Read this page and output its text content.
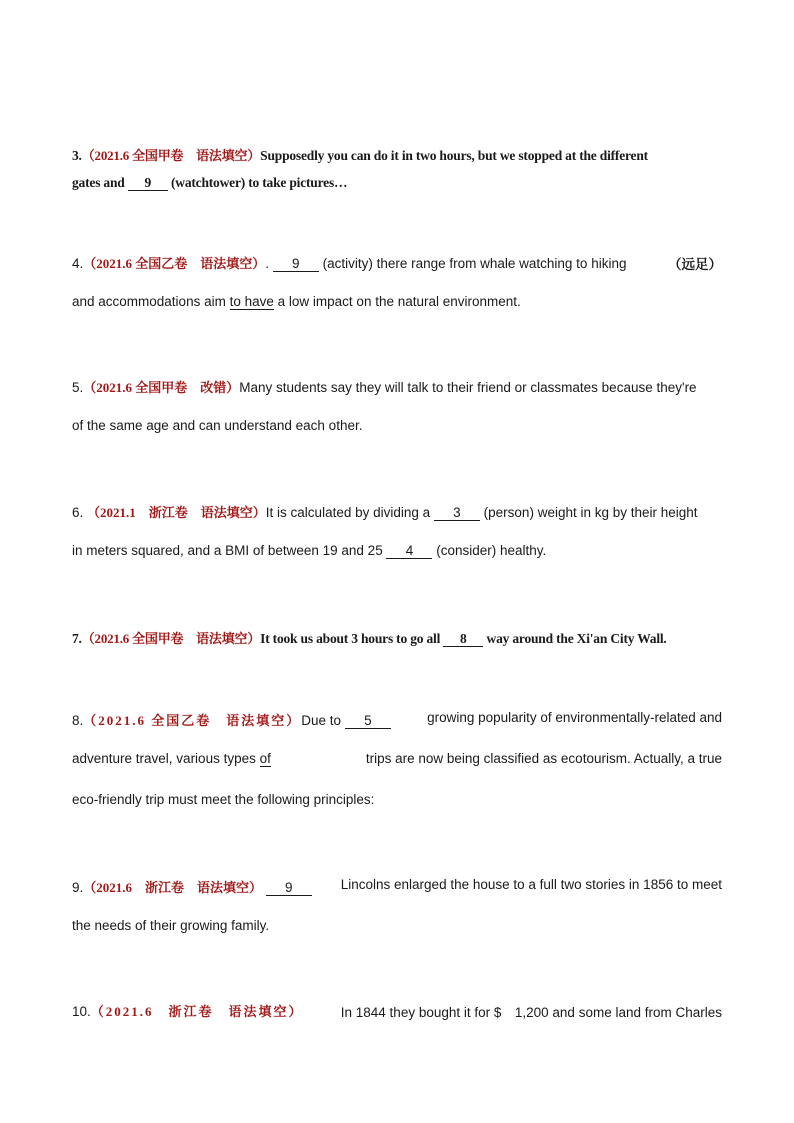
3.（2021.6 全国甲卷　语法填空）Supposedly you can do it in two hours, but we stopped at the different
gates and 9 (watchtower) to take pictures…
4.（2021.6 全国乙卷　语法填空）. 9 (activity) there range from whale watching to hiking	（远足）
and accommodations aim to have a low impact on the natural environment.
5.（2021.6 全国甲卷　改错）Many students say they will talk to their friend or classmates because they're
of the same age and can understand each other.
6. （2021.1　浙江卷　语法填空）It is calculated by dividing a 3 (person) weight in kg by their height
in meters squared, and a BMI of between 19 and 25 4 (consider) healthy.
7.（2021.6 全国甲卷　语法填空）It took us about 3 hours to go all 8 way around the Xi'an City Wall.
8.（2021.6 全国乙卷　语法填空）Due to 5	growing popularity of environmentally-related and
adventure travel, various types of	trips are now being classified as ecotourism. Actually, a true
eco-friendly trip must meet the following principles:
9.（2021.6　浙江卷　语法填空） 9	Lincolns enlarged the house to a full two stories in 1856 to meet
the needs of their growing family.
10.（2021.6　浙江卷　语法填空）	In 1844 they bought it for $　1,200 and some land from Charles
